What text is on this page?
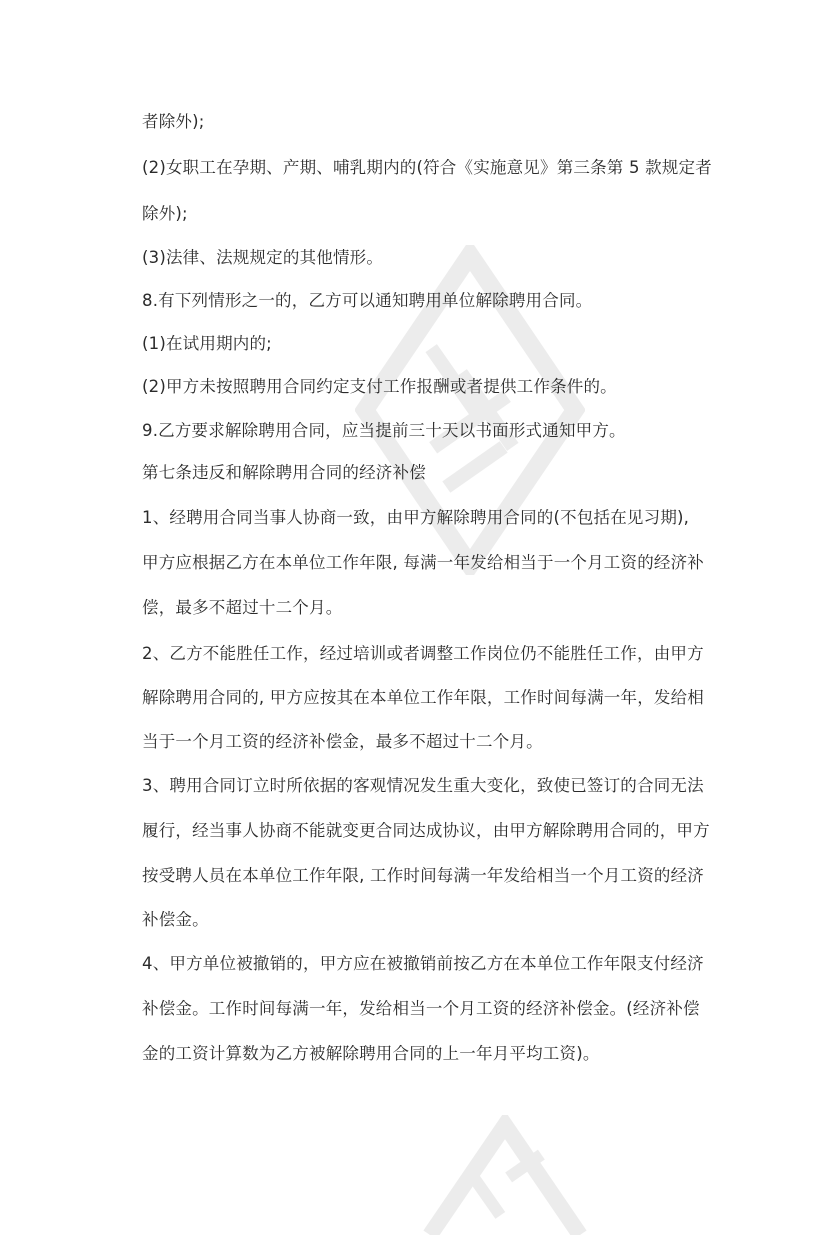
者除外);
(2)女职工在孕期、产期、哺乳期内的(符合《实施意见》第三条第 5 款规定者
除外);
(3)法律、法规规定的其他情形。
8.有下列情形之一的，乙方可以通知聘用单位解除聘用合同。
(1)在试用期内的;
(2)甲方未按照聘用合同约定支付工作报酬或者提供工作条件的。
9.乙方要求解除聘用合同，应当提前三十天以书面形式通知甲方。
第七条违反和解除聘用合同的经济补偿
1、经聘用合同当事人协商一致，由甲方解除聘用合同的(不包括在见习期),
甲方应根据乙方在本单位工作年限, 每满一年发给相当于一个月工资的经济补
偿，最多不超过十二个月。
2、乙方不能胜任工作，经过培训或者调整工作岗位仍不能胜任工作，由甲方
解除聘用合同的, 甲方应按其在本单位工作年限，工作时间每满一年，发给相
当于一个月工资的经济补偿金，最多不超过十二个月。
3、聘用合同订立时所依据的客观情况发生重大变化，致使已签订的合同无法
履行，经当事人协商不能就变更合同达成协议，由甲方解除聘用合同的，甲方
按受聘人员在本单位工作年限, 工作时间每满一年发给相当一个月工资的经济
补偿金。
4、甲方单位被撤销的，甲方应在被撤销前按乙方在本单位工作年限支付经济
补偿金。工作时间每满一年，发给相当一个月工资的经济补偿金。(经济补偿
金的工资计算数为乙方被解除聘用合同的上一年月平均工资)。
